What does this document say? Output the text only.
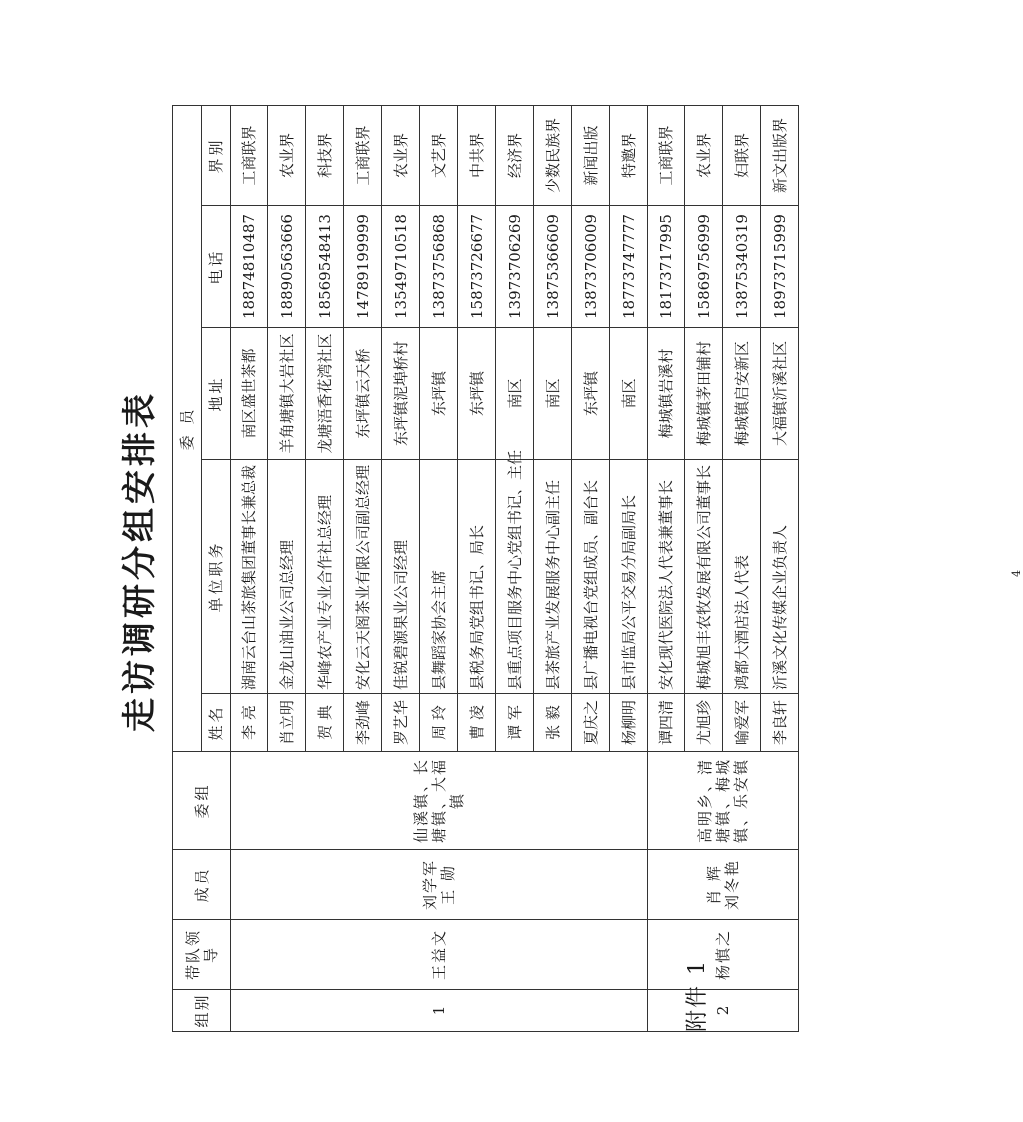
附件 1
走访调研分组安排表	4
组别	带队领导	成员	委组	委 员				
				姓名	单位职务	地址	电话	界别
1	王益文	刘学军 王 勋	仙溪镇、长塘镇、大福镇	李 亮	湖南云台山茶旅集团董事长兼总裁	南区盛世茶都	18874810487	工商联界
				肖立明	金龙山油业公司总经理	羊角塘镇大岩社区	18890563666	农业界
				贺 典	华峰农产业专业合作社总经理	龙塘浯香花湾社区	18569548413	科技界
				李劲峰	安化云天阁茶业有限公司副总经理	东坪镇云天桥	14789199999	工商联界
				罗艺华	佳锐碧源果业公司经理	东坪镇泥埠桥村	13549710518	农业界
				周 玲	县舞蹈家协会主席	东坪镇	13873756868	文艺界
				曹 凌	县税务局党组书记、局长	东坪镇	15873726677	中共界
				谭 军	县重点项目服务中心党组书记、主任	南区	13973706269	经济界
				张 毅	县茶旅产业发展服务中心副主任	南区	13875366609	少数民族界
				夏庆之	县广播电视台党组成员、副台长	东坪镇	13873706009	新闻出版
				杨柳明	县市监局公平交易分局副局长	南区	18773747777	特邀界
2	杨慎之	肖 辉 刘冬艳	高明乡、清塘镇、梅城镇、乐安镇	谭四清	安化现代医院法人代表兼董事长	梅城镇岩溪村	18173717995	工商联界
				尤旭珍	梅城旭丰农牧发展有限公司董事长	梅城镇茅田铺村	15869756999	农业界
				喻爱军	鸿都大酒店法人代表	梅城镇启安新区	13875340319	妇联界
				李良轩	沂溪文化传媒企业负责人	大福镇沂溪社区	18973715999	新文出版界
